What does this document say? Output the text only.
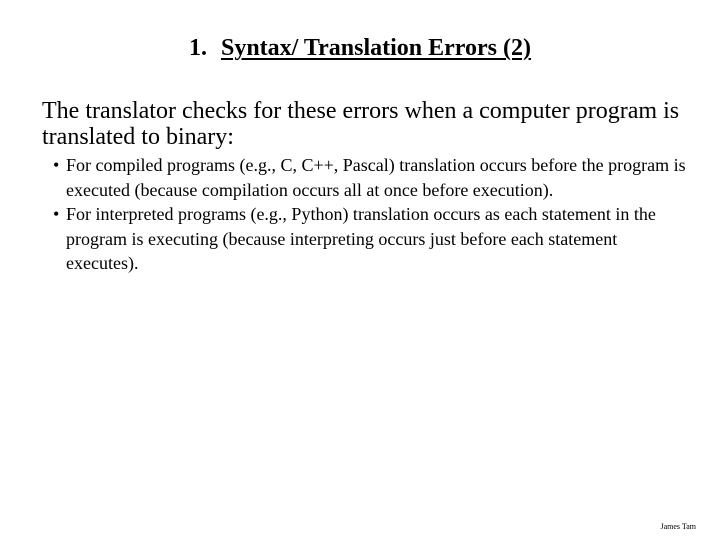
1. Syntax/ Translation Errors (2)
The translator checks for these errors when a computer program is translated to binary:
• For compiled programs (e.g., C, C++, Pascal) translation occurs before the program is executed (because compilation occurs all at once before execution).
• For interpreted programs (e.g., Python) translation occurs as each statement in the program is executing (because interpreting occurs just before each statement executes).
James Tam
